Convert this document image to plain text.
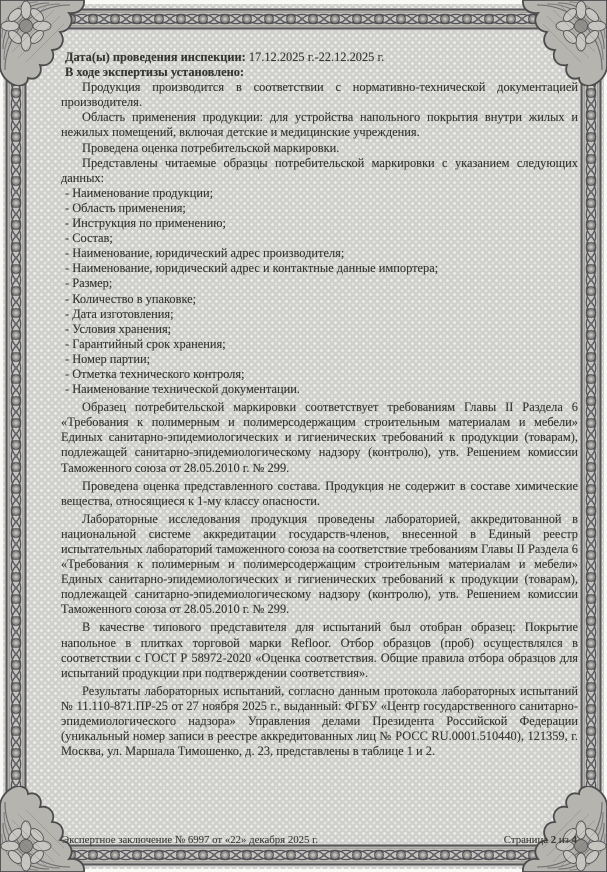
Дата(ы) проведения инспекции: 17.12.2025 г.-22.12.2025 г.

В ходе экспертизы установлено:

Продукция производится в соответствии с нормативно-технической документацией производителя.

Область применения продукции: для устройства напольного покрытия внутри жилых и нежилых помещений, включая детские и медицинские учреждения.

Проведена оценка потребительской маркировки.

Представлены читаемые образцы потребительской маркировки с указанием следующих данных:

- Наименование продукции;

- Область применения;

- Инструкция по применению;

- Состав;

- Наименование, юридический адрес производителя;

- Наименование, юридический адрес и контактные данные импортера;

- Размер;

- Количество в упаковке;

- Дата изготовления;

- Условия хранения;

- Гарантийный срок хранения;

- Номер партии;

- Отметка технического контроля;

- Наименование технической документации.

Образец потребительской маркировки соответствует требованиям Главы II Раздела 6 «Требования к полимерным и полимерсодержащим строительным материалам и мебели» Единых санитарно-эпидемиологических и гигиенических требований к продукции (товарам), подлежащей санитарно-эпидемиологическому надзору (контролю), утв. Решением комиссии Таможенного союза от 28.05.2010 г. № 299.

Проведена оценка представленного состава. Продукция не содержит в составе химические вещества, относящиеся к 1-му классу опасности.

Лабораторные исследования продукция проведены лабораторией, аккредитованной в национальной системе аккредитации государств-членов, внесенной в Единый реестр испытательных лабораторий таможенного союза на соответствие требованиям Главы II Раздела 6 «Требования к полимерным и полимерсодержащим строительным материалам и мебели» Единых санитарно-эпидемиологических и гигиенических требований к продукции (товарам), подлежащей санитарно-эпидемиологическому надзору (контролю), утв. Решением комиссии Таможенного союза от 28.05.2010 г. № 299.

В качестве типового представителя для испытаний был отобран образец: Покрытие напольное в плитках торговой марки Refloor. Отбор образцов (проб) осуществлялся в соответствии с ГОСТ Р 58972-2020 «Оценка соответствия. Общие правила отбора образцов для испытаний продукции при подтверждении соответствия».

Результаты лабораторных испытаний, согласно данным протокола лабораторных испытаний № 11.110-871.ПР-25 от 27 ноября 2025 г., выданный: ФГБУ «Центр государственного санитарно-эпидемиологического надзора» Управления делами Президента Российской Федерации (уникальный номер записи в реестре аккредитованных лиц № РОСС RU.0001.510440), 121359, г. Москва, ул. Маршала Тимошенко, д. 23, представлены в таблице 1 и 2.

Экспертное заключение № 6997 от «22» декабря 2025 г.	Страница 2 из 4
